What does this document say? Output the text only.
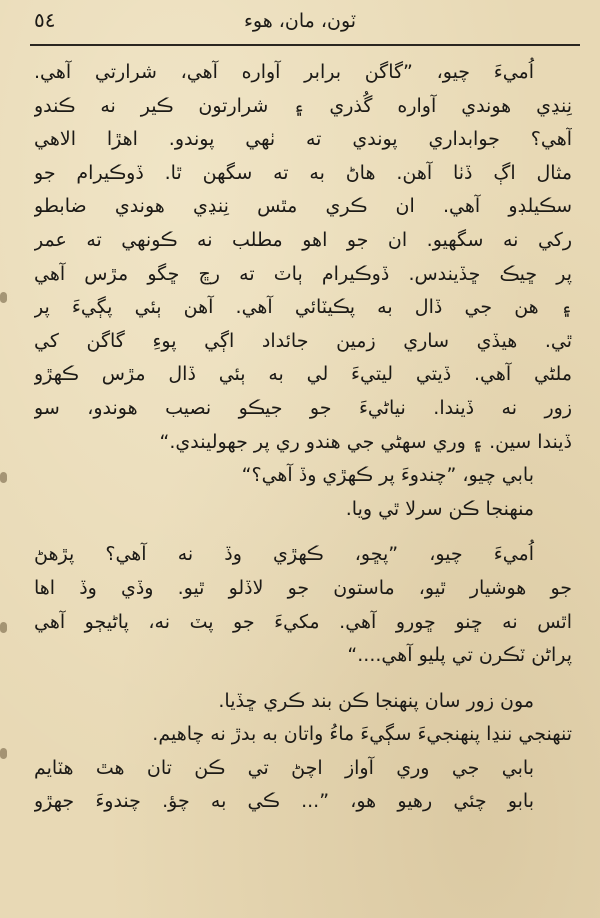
ٽون، مان، ھوء
٥٤
اُميءَ چيو، ”گاگن برابر آواره آهي، شرارتي آهي.
نِنڍي هوندي آواره گُذري ۽ شرارتون ڪير نه ڪندو
آهي؟ جوابداري پوندي ته ٺهي پوندو. اهڙا الاهي
مثال اڳ ڏٺا آهن. هاڻ به ته سگهن ٿا. ڏوڪيرام جو
سڪيلڊو آهي. ان ڪري مٿس نِنڍي هوندي ضابطو
رکي نه سگهيو. ان جو اهو مطلب نه ڪونهي ته عمر
پر ڇيڪ ڇڏيندس. ڏوڪيرام ٻاٽ ته رڇ ڇگو مڙس آهي
۽ هن جي ڏال به پڪيٽائي آهي. آهن ٻئي پڳيءَ پر
ٿي. هيڏي ساري زمين جائداد اڳي پوءِ گاگن کي
ملڻي آهي. ڏيتي ليتيءَ لي به ٻئي ڏال مڙس ڪهڙو
زور نه ڏيندا. نياڻيءَ جو جيڪو نصيب هوندو، سو
ڏيندا سين. ۽ وري سهڻي جي هندو ري پر جهوليندي.“
بابي چيو، ”چندوءَ پر ڪهڙي وڏ آهي؟“
منهنجا ڪن سرلا ٿي ويا.
اُميءَ چيو، ”پڇو، ڪهڙي وڏ نه آهي؟ پڙهڻ
جو هوشيار ٿيو، ماستون جو لاڏلو ٿيو. وڏي وڏ اها
اٿس نه ڇنو ڇورو آهي. مکيءَ جو پٽ نه، پاڻيڄو آهي
پراڻن ٽڪرن تي پليو آهي....“
مون زور سان پنهنجا ڪن بند ڪري ڇڏيا.
تنهنجي ننڍا پنهنجيءَ سڳيءَ ماءُ واتان به بدڙ نه چاهيم.
بابي جي وري آواز اچڻ تي ڪن تان هٿ هٽايم
بابو چئي رهيو هو، ”... ڪي به چؤ. چندوءَ جهڙو
